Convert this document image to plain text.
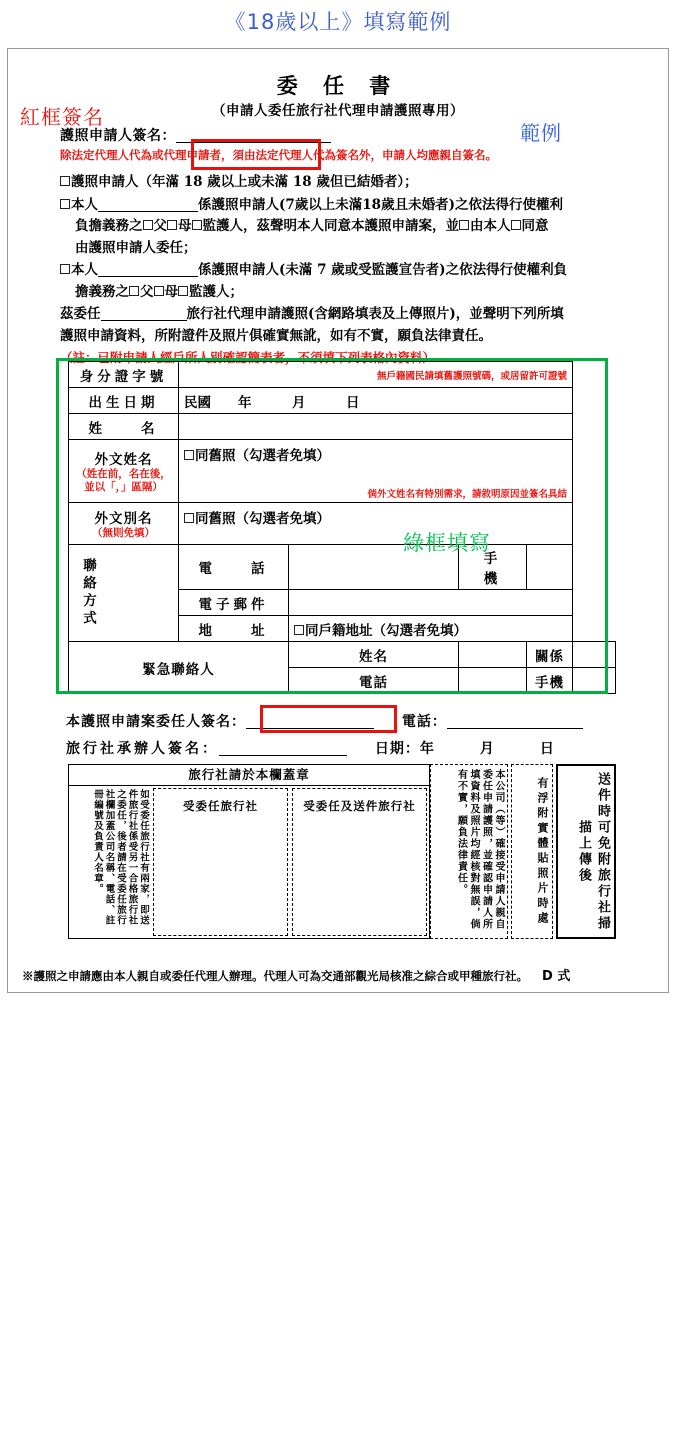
《18歲以上》填寫範例
委 任 書
（申請人委任旅行社代理申請護照專用）
紅框簽名
範例
綠框填寫
護照申請人簽名：
除法定代理人代為或代理申請者，須由法定代理人代為簽名外，申請人均應親自簽名。
護照申請人（年滿 18 歲以上或未滿 18 歲但已結婚者）；
本人	係護照申請人(7歲以上未滿18歲且未婚者)之依法得行使權利
負擔義務之 父 母 監護人，茲聲明本人同意本護照申請案，並 由本人 同意
由護照申請人委任；
本人	係護照申請人(未滿 7 歲或受監護宣告者)之依法得行使權利負
擔義務之 父 母 監護人；
茲委任	旅行社代理申請護照(含網路填表及上傳照片)，並聲明下列所填
護照申請資料，所附證件及照片俱確實無訛，如有不實，願負法律責任。
（註：已附申請人經戶所人別確認簡表者，不須填下列表格內資料）
身分證字號	無戶籍國民請填舊護照號碼，或居留許可證號				

出生日期	民國　　年　　　月　　　日				
姓　　名					
外文姓名
（姓在前，名在後，並以「，」區隔）	同舊照（勾選者免填）
倘外文姓名有特別需求，請敘明原因並簽名具結				

外文別名
（無則免填）	同舊照（勾選者免填）				

聯絡方式	電　　話		手　　機		
	電子郵件				
	地　　址	同戶籍地址（勾選者免填）			
緊急聯絡人		姓名		關係	
		電話		手機	
本護照申請案委任人簽名：	電話：
旅行社承辦人簽名：	日期：年　　　月　　　日
旅行社請於本欄蓋章
如受委任旅行社有兩家，即送件旅行社係受另一合格旅行社之委任，後者請在受委任旅行社欄加蓋公司名稱、電話、註冊編號及負責人名章。	受委任旅行社	受委任及送件旅行社	本公司（等）確接受申請人親自委任申請護照，並確認申請人所填資料及照片均經核對無誤，倘有不實，願負法律責任。	有浮附實體貼照片時處	送件時可免附旅行社掃描上傳後
※護照之申請應由本人親自或委任代理人辦理。代理人可為交通部觀光局核准之綜合或甲種旅行社。 D 式
